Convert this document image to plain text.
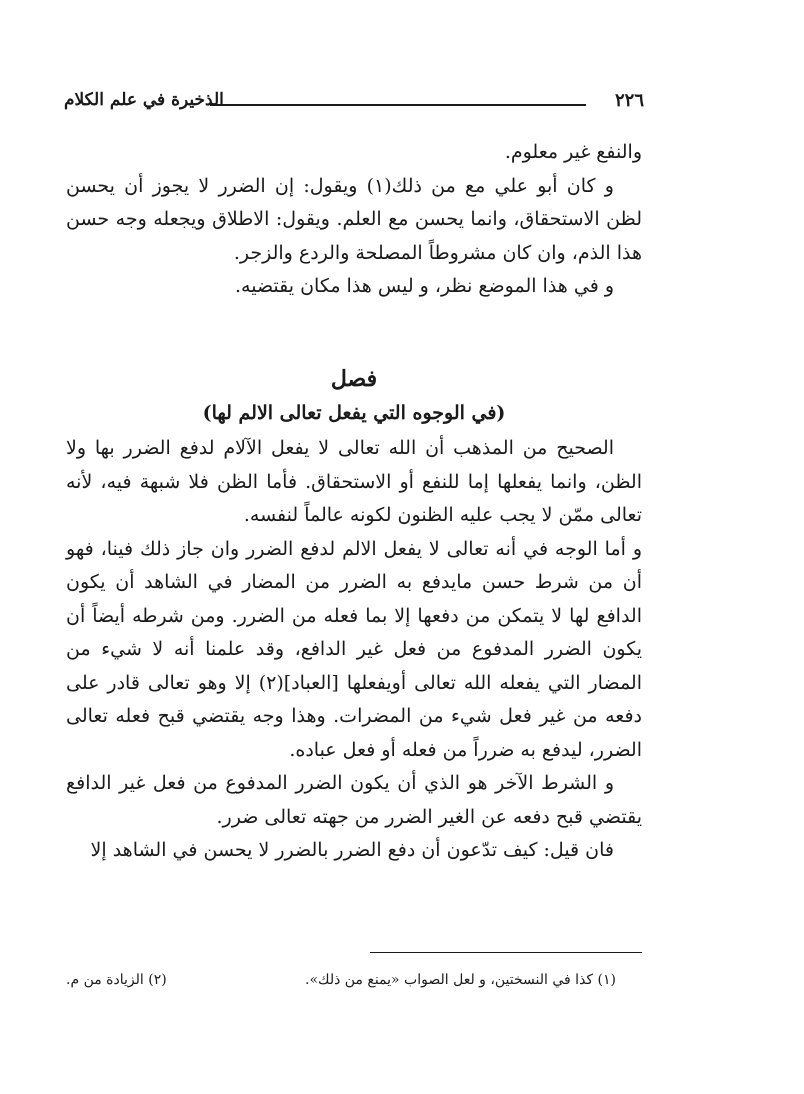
٢٢٦
الذخيرة في علم الكلام

والنفع غير معلوم.

و كان أبو علي مع من ذلك(١) ويقول: إن الضرر لا يجوز أن يحسن لظن الاستحقاق، وانما يحسن مع العلم. ويقول: الاطلاق ويجعله وجه حسن هذا الذم، وان كان مشروطاً المصلحة والردع والزجر.

و في هذا الموضع نظر، و ليس هذا مكان يقتضيه.

فصل
(في الوجوه التي يفعل تعالى الالم لها)

الصحيح من المذهب أن الله تعالى لا يفعل الآلام لدفع الضرر بها ولا الظن، وانما يفعلها إما للنفع أو الاستحقاق. فأما الظن فلا شبهة فيه، لأنه تعالى ممّن لا يجب عليه الظنون لكونه عالماً لنفسه.

و أما الوجه في أنه تعالى لا يفعل الالم لدفع الضرر وان جاز ذلك فينا، فهو أن من شرط حسن مايدفع به الضرر من المضار في الشاهد أن يكون الدافع لها لا يتمكن من دفعها إلا بما فعله من الضرر. ومن شرطه أيضاً أن يكون الضرر المدفوع من فعل غير الدافع، وقد علمنا أنه لا شيء من المضار التي يفعله الله تعالى أويفعلها [العباد](٢) إلا وهو تعالى قادر على دفعه من غير فعل شيء من المضرات. وهذا وجه يقتضي قبح فعله تعالى الضرر، ليدفع به ضرراً من فعله أو فعل عباده.

و الشرط الآخر هو الذي أن يكون الضرر المدفوع من فعل غير الدافع يقتضي قبح دفعه عن الغير الضرر من جهته تعالى ضرر.

فان قيل: كيف تدّعون أن دفع الضرر بالضرر لا يحسن في الشاهد إلا

(١) كذا في النسختين، و لعل الصواب «يمنع من ذلك».
(٢) الزيادة من م.
